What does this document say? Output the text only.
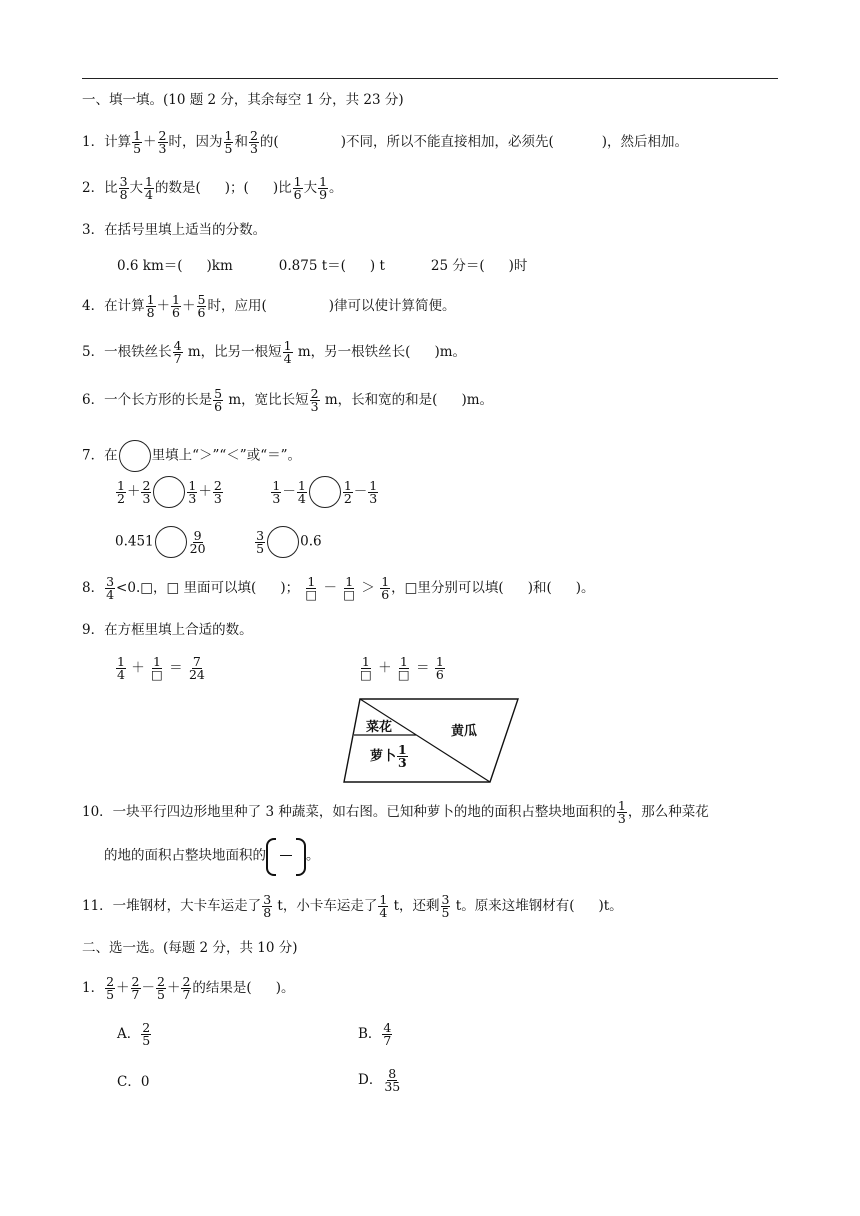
一、填一填。(10 题 2 分，其余每空 1 分，共 23 分)
1．计算 $\frac{1}{5} + \frac{2}{3}$ 时，因为 $\frac{1}{5}$ 和 $\frac{2}{3}$ 的(	)不同，所以不能直接相加，必须先(	)，然后相加。
2．比 $\frac{3}{8}$ 大 $\frac{1}{4}$ 的数是( )；( )比 $\frac{1}{6}$ 大 $\frac{1}{9}$ 。
3．在括号里填上适当的分数。
0.6 km＝( )km	0.875 t＝( ) t	25 分＝( )时
4．在计算 $\frac{1}{8} + \frac{1}{6} + \frac{5}{6}$ 时，应用(	)律可以使计算简便。
5．一根铁丝长 $\frac{4}{7}$ m，比另一根短 $\frac{1}{4}$ m，另一根铁丝长( )m。
6．一个长方形的长是 $\frac{5}{6}$ m，宽比长短 $\frac{2}{3}$ m，长和宽的和是( )m。
7．在	里填上“＞”“＜”或“＝”。
$\frac{1}{2} + \frac{2}{3}$	$\frac{1}{3} + \frac{2}{3}$
	$\frac{1}{3} - \frac{1}{4}$	$\frac{1}{2} - \frac{1}{3}$
0.451	$\frac{9}{20}$
	$\frac{3}{5}$	0.6
8． $\frac{3}{4}$ <0.□，□ 里面可以填( )； 1
□ － 1
□ ＞ $\frac{1}{6}$ ，□里分别可以填( )和( )。
9．在方框里填上合适的数。
$\frac{1}{4} + 1$
□ ＝ $\frac{7}{24}$	1
□ ＋ 1
□ ＝ $\frac{1}{6}$
菜花	黄瓜
萝卜 $\frac{1}{3}$
10．一块平行四边形地里种了 3 种蔬菜，如右图。已知种萝卜的地的面积占整块地面积的 $\frac{1}{3}$ ，那么种菜花
的地的面积占整块地面积的	。
11．一堆钢材，大卡车运走了 $\frac{3}{8}$ t，小卡车运走了 $\frac{1}{4}$ t，还剩 $\frac{3}{5}$ t。原来这堆钢材有( )t。
二、选一选。(每题 2 分，共 10 分)
1． $\frac{2}{5} + \frac{2}{7} - \frac{2}{5} + \frac{2}{7}$ 的结果是( )。
A． $\frac{2}{5}$	B． $\frac{4}{7}$
C．0	D． $\frac{8}{35}$
